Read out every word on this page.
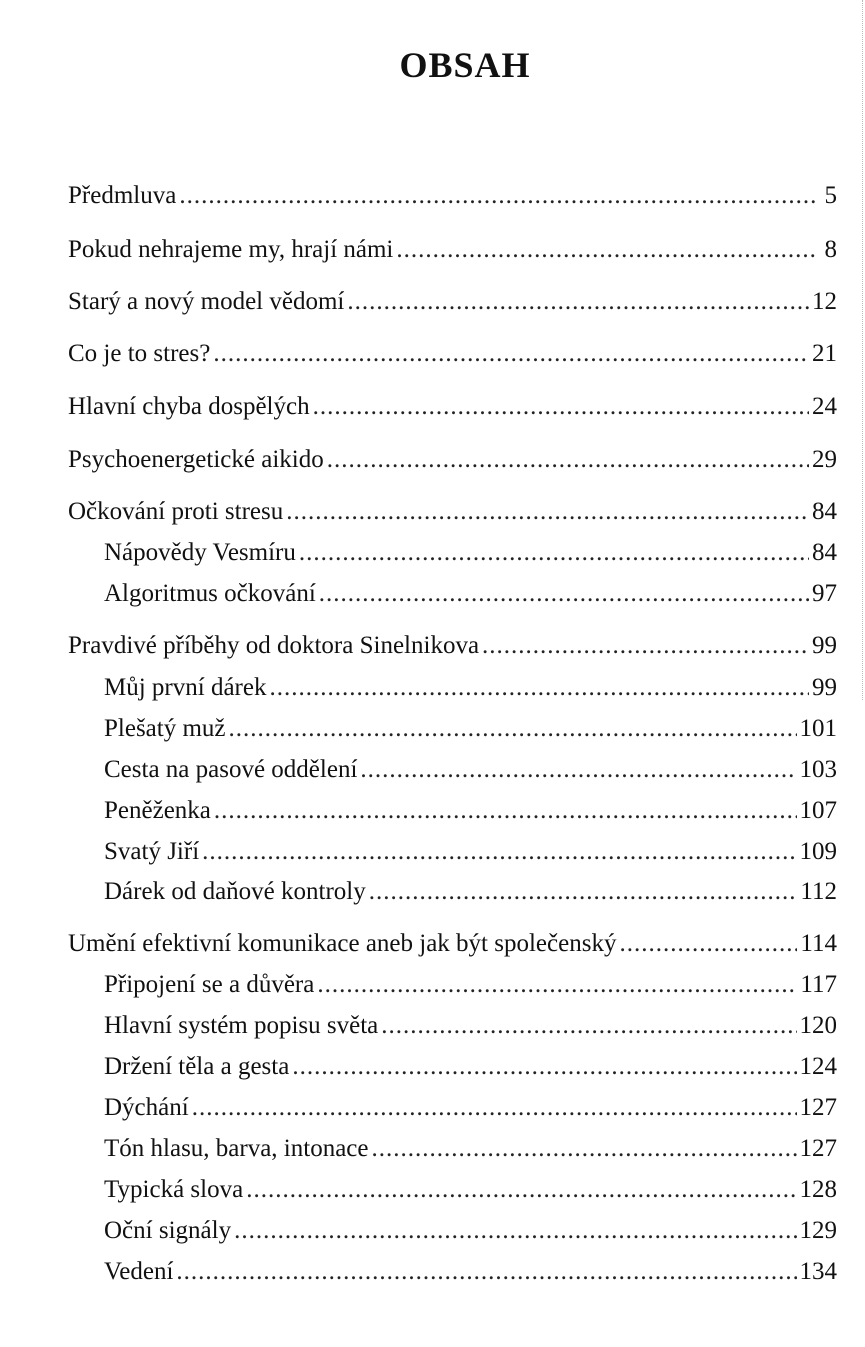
OBSAH
Předmluva .....	5
Pokud nehrajeme my, hrají námi .....	8
Starý a nový model vědomí .....	12
Co je to stres? .....	21
Hlavní chyba dospělých .....	24
Psychoenergetické aikido .....	29
Očkování proti stresu .....	84
Nápovědy Vesmíru .....	84
Algoritmus očkování .....	97
Pravdivé příběhy od doktora Sinelnikova .....	99
Můj první dárek .....	99
Plešatý muž .....	101
Cesta na pasové oddělení .....	103
Peněženka .....	107
Svatý Jiří .....	109
Dárek od daňové kontroly .....	112
Umění efektivní komunikace aneb jak být společenský .....	114
Připojení se a důvěra .....	117
Hlavní systém popisu světa .....	120
Držení těla a gesta .....	124
Dýchání .....	127
Tón hlasu, barva, intonace .....	127
Typická slova .....	128
Oční signály .....	129
Vedení .....	134
